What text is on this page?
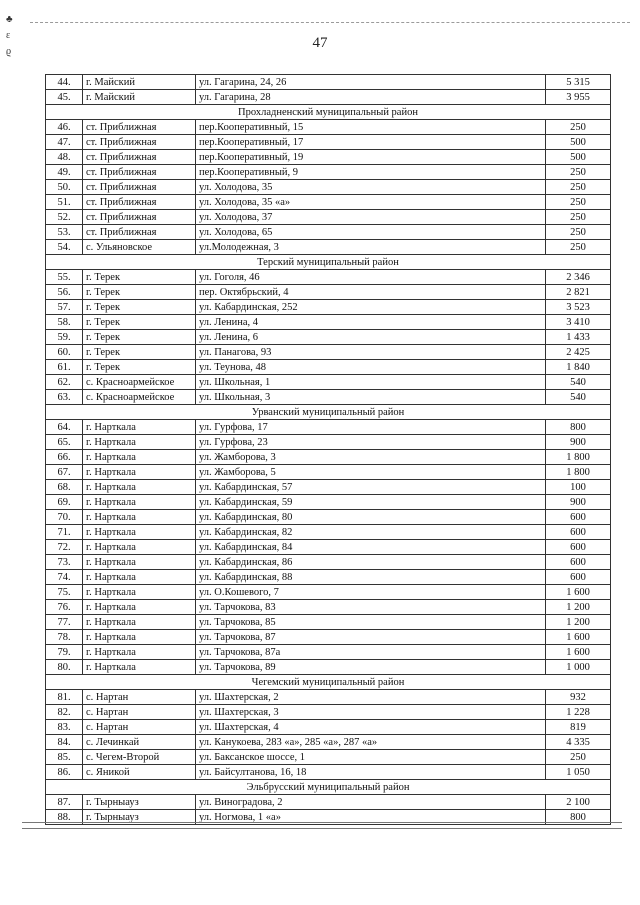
♣
ε
ϱ
47
44.	г. Майский	ул. Гагарина, 24, 26	5 315
45.	г. Майский	ул. Гагарина, 28	3 955
Прохладненский муниципальный район			
46.	ст. Приближная	пер.Кооперативный, 15	250
47.	ст. Приближная	пер.Кооперативный, 17	500
48.	ст. Приближная	пер.Кооперативный, 19	500
49.	ст. Приближная	пер.Кооперативный, 9	250
50.	ст. Приближная	ул. Холодова, 35	250
51.	ст. Приближная	ул. Холодова, 35 «а»	250
52.	ст. Приближная	ул. Холодова, 37	250
53.	ст. Приближная	ул. Холодова, 65	250
54.	с. Ульяновское	ул.Молодежная, 3	250
Терский муниципальный район			
55.	г. Терек	ул. Гоголя, 46	2 346
56.	г. Терек	пер. Октябрьский, 4	2 821
57.	г. Терек	ул. Кабардинская, 252	3 523
58.	г. Терек	ул. Ленина, 4	3 410
59.	г. Терек	ул. Ленина, 6	1 433
60.	г. Терек	ул. Панагова, 93	2 425
61.	г. Терек	ул. Теунова, 48	1 840
62.	с. Красноармейское	ул. Школьная, 1	540
63.	с. Красноармейское	ул. Школьная, 3	540
Урванский муниципальный район			
64.	г. Нарткала	ул. Гурфова, 17	800
65.	г. Нарткала	ул. Гурфова, 23	900
66.	г. Нарткала	ул. Жамборова, 3	1 800
67.	г. Нарткала	ул. Жамборова, 5	1 800
68.	г. Нарткала	ул. Кабардинская, 57	100
69.	г. Нарткала	ул. Кабардинская, 59	900
70.	г. Нарткала	ул. Кабардинская, 80	600
71.	г. Нарткала	ул. Кабардинская, 82	600
72.	г. Нарткала	ул. Кабардинская, 84	600
73.	г. Нарткала	ул. Кабардинская, 86	600
74.	г. Нарткала	ул. Кабардинская, 88	600
75.	г. Нарткала	ул. О.Кошевого, 7	1 600
76.	г. Нарткала	ул. Тарчокова, 83	1 200
77.	г. Нарткала	ул. Тарчокова, 85	1 200
78.	г. Нарткала	ул. Тарчокова, 87	1 600
79.	г. Нарткала	ул. Тарчокова, 87а	1 600
80.	г. Нарткала	ул. Тарчокова, 89	1 000
Чегемский муниципальный район			
81.	с. Нартан	ул. Шахтерская, 2	932
82.	с. Нартан	ул. Шахтерская, 3	1 228
83.	с. Нартан	ул. Шахтерская, 4	819
84.	с. Лечинкай	ул. Канукоева, 283 «а», 285 «а», 287 «а»	4 335
85.	с. Чегем-Второй	ул. Баксанское шоссе, 1	250
86.	с. Яникой	ул. Байсултанова, 16, 18	1 050
Эльбрусский муниципальный район			
87.	г. Тырныауз	ул. Виноградова, 2	2 100
88.	г. Тырныауз	ул. Ногмова, 1 «а»	800
